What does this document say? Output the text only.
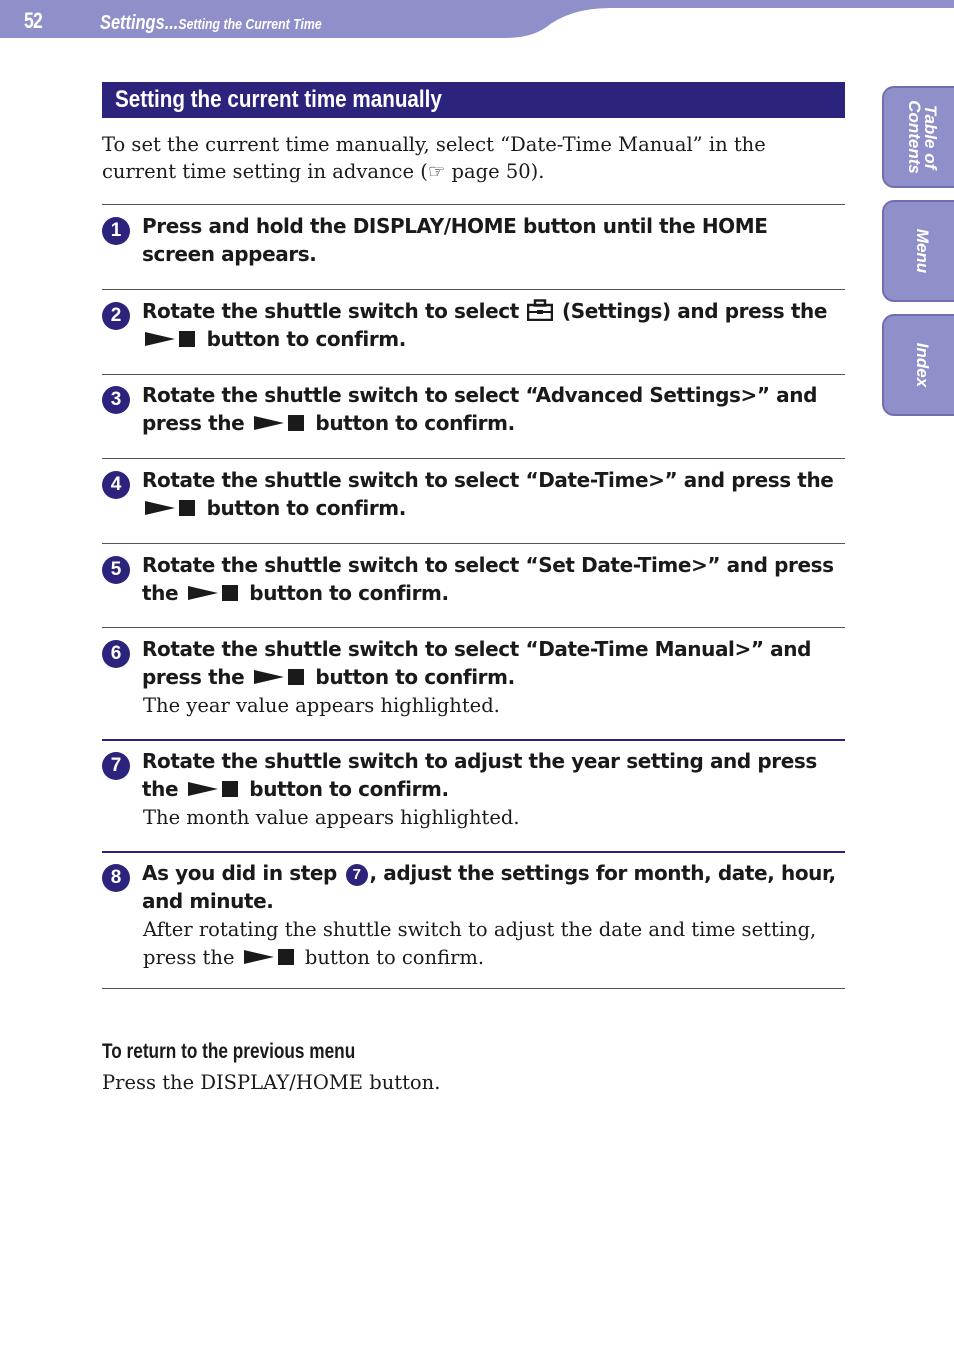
52	Settings...Setting the Current Time
Table of
Contents
Menu
Index
Setting the current time manually
To set the current time manually, select “Date-Time Manual” in the current time setting in advance (☞ page 50).
1	Press and hold the DISPLAY/HOME button until the HOME screen appears.
2	Rotate the shuttle switch to select  (Settings) and press the  button to confirm.
3	Rotate the shuttle switch to select “Advanced Settings>” and press the	button to confirm.
4	Rotate the shuttle switch to select “Date-Time>” and press the  button to confirm.
5	Rotate the shuttle switch to select “Set Date-Time>” and press the	button to confirm.
6	Rotate the shuttle switch to select “Date-Time Manual>” and press the	button to confirm.
The year value appears highlighted.
7	Rotate the shuttle switch to adjust the year setting and press the	button to confirm.
The month value appears highlighted.
8	As you did in step 7 , adjust the settings for month, date, hour, and minute.
After rotating the shuttle switch to adjust the date and time setting, press the	button to confirm.
To return to the previous menu
Press the DISPLAY/HOME button.
